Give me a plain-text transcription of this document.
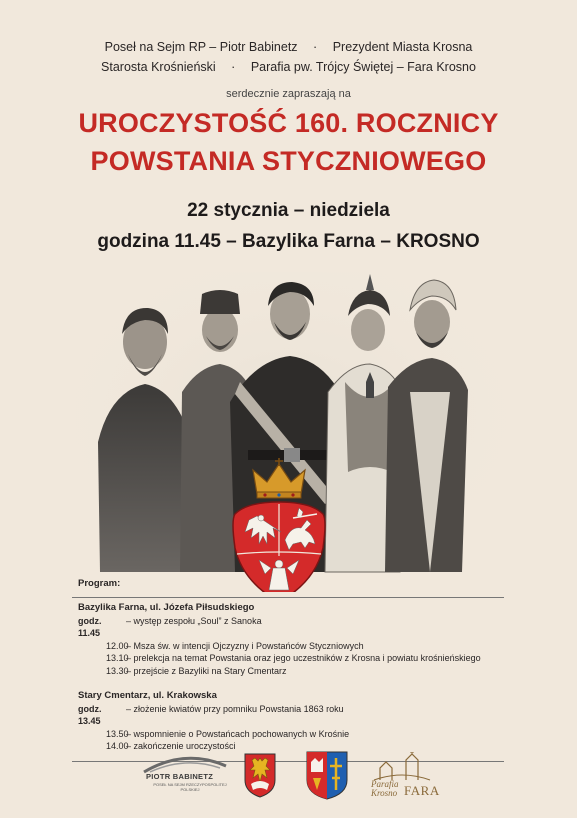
Poseł na Sejm RP – Piotr Babinetz · Prezydent Miasta Krosna
Starosta Krośnieński · Parafia pw. Trójcy Świętej – Fara Krosno
serdecznie zapraszają na
UROCZYSTOŚĆ 160. ROCZNICY
POWSTANIA STYCZNIOWEGO
22 stycznia – niedziela
godzina 11.45 – Bazylika Farna – KROSNO
Program:
Bazylika Farna, ul. Józefa Piłsudskiego
godz. 11.45
– występ zespołu „Soul” z Sanoka
12.00
– Msza św. w intencji Ojczyzny i Powstańców Styczniowych
13.10
– prelekcja na temat Powstania oraz jego uczestników z Krosna i powiatu krośnieńskiego
13.30
– przejście z Bazyliki na Stary Cmentarz
Stary Cmentarz, ul. Krakowska
godz. 13.45
– złożenie kwiatów przy pomniku Powstania 1863 roku
13.50
– wspomnienie o Powstańcach pochowanych w Krośnie
14.00
– zakończenie uroczystości
PIOTR BABINETZ
POSEŁ NA SEJM RZECZYPOSPOLITEJ POLSKIEJ
Parafia
Krosno FARA
